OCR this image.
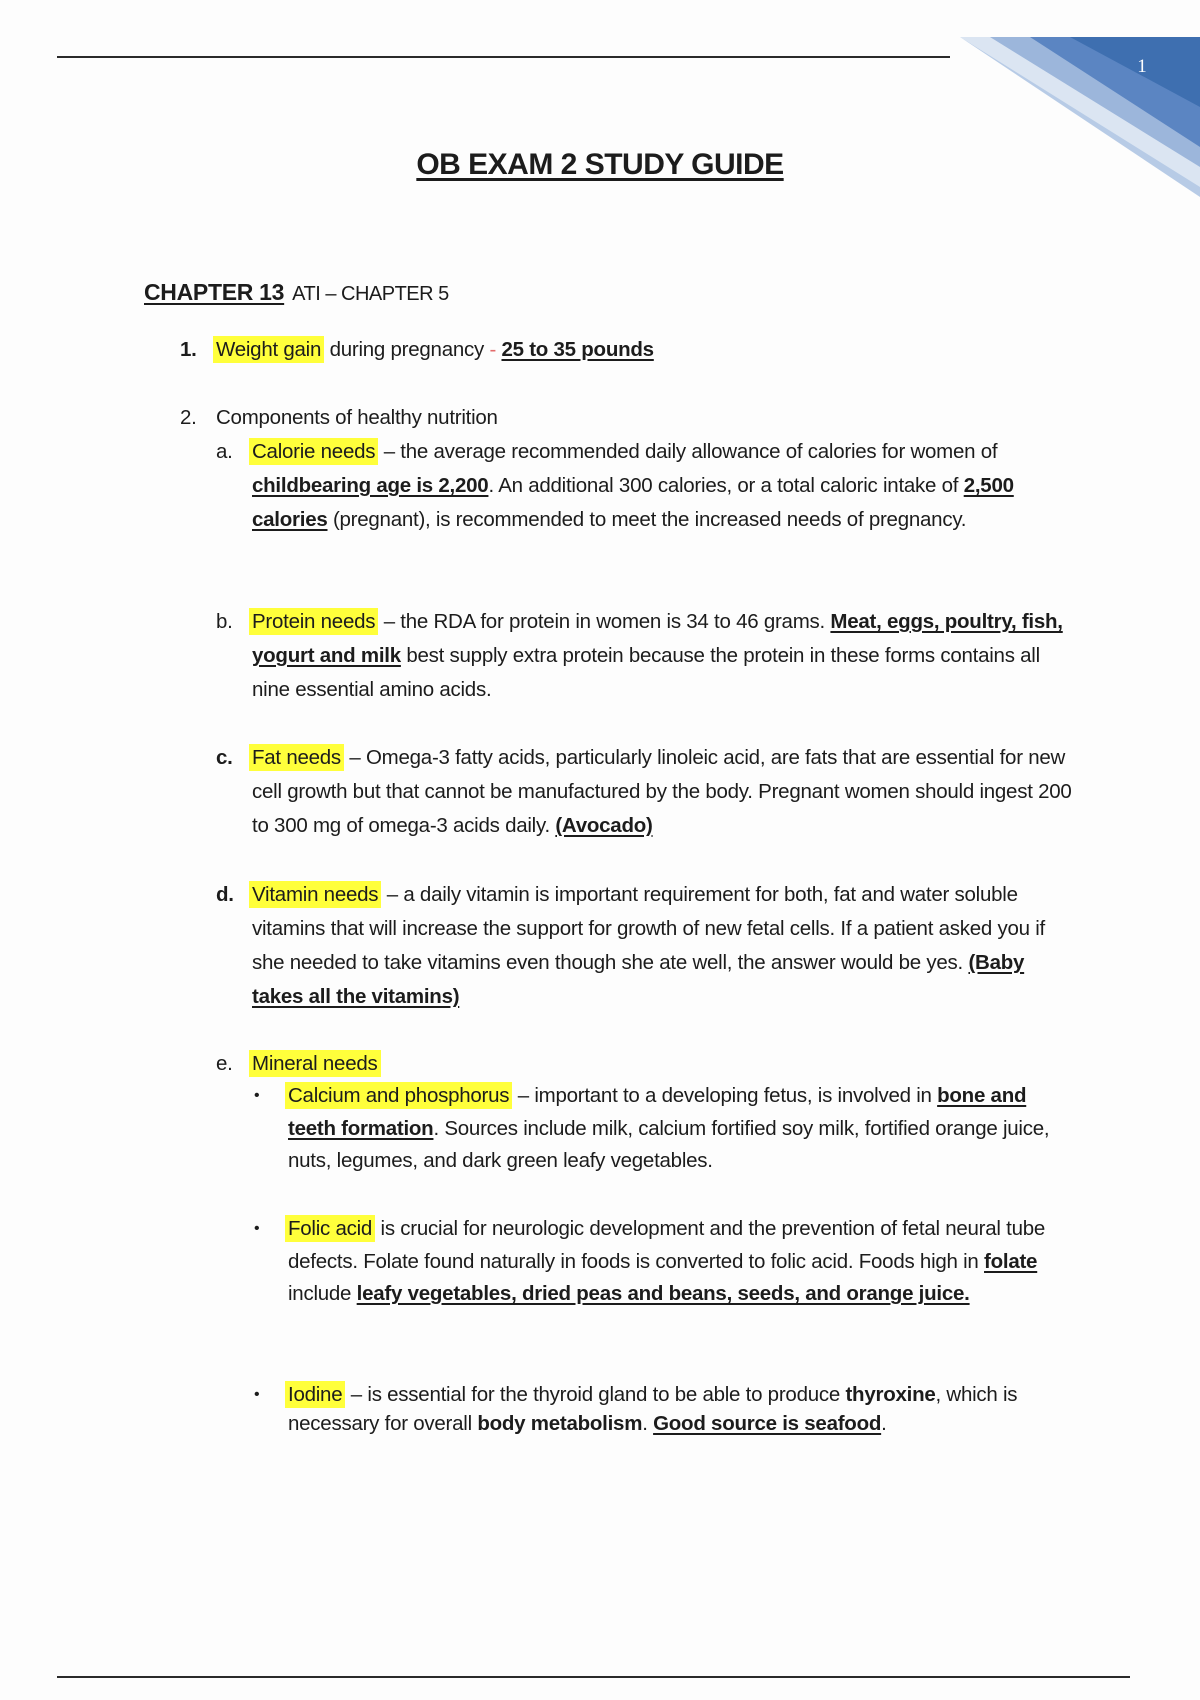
1
OB EXAM 2 STUDY GUIDE
CHAPTER 13 ATI – CHAPTER 5
1. Weight gain during pregnancy - 25 to 35 pounds
2. Components of healthy nutrition
a. Calorie needs – the average recommended daily allowance of calories for women of childbearing age is 2,200. An additional 300 calories, or a total caloric intake of 2,500 calories (pregnant), is recommended to meet the increased needs of pregnancy.
b. Protein needs – the RDA for protein in women is 34 to 46 grams. Meat, eggs, poultry, fish, yogurt and milk best supply extra protein because the protein in these forms contains all nine essential amino acids.
c. Fat needs – Omega-3 fatty acids, particularly linoleic acid, are fats that are essential for new cell growth but that cannot be manufactured by the body. Pregnant women should ingest 200 to 300 mg of omega-3 acids daily. (Avocado)
d. Vitamin needs – a daily vitamin is important requirement for both, fat and water soluble vitamins that will increase the support for growth of new fetal cells. If a patient asked you if she needed to take vitamins even though she ate well, the answer would be yes. (Baby takes all the vitamins)
e. Mineral needs
• Calcium and phosphorus – important to a developing fetus, is involved in bone and teeth formation. Sources include milk, calcium fortified soy milk, fortified orange juice, nuts, legumes, and dark green leafy vegetables.
• Folic acid is crucial for neurologic development and the prevention of fetal neural tube defects. Folate found naturally in foods is converted to folic acid. Foods high in folate include leafy vegetables, dried peas and beans, seeds, and orange juice.
• Iodine – is essential for the thyroid gland to be able to produce thyroxine, which is necessary for overall body metabolism. Good source is seafood.
